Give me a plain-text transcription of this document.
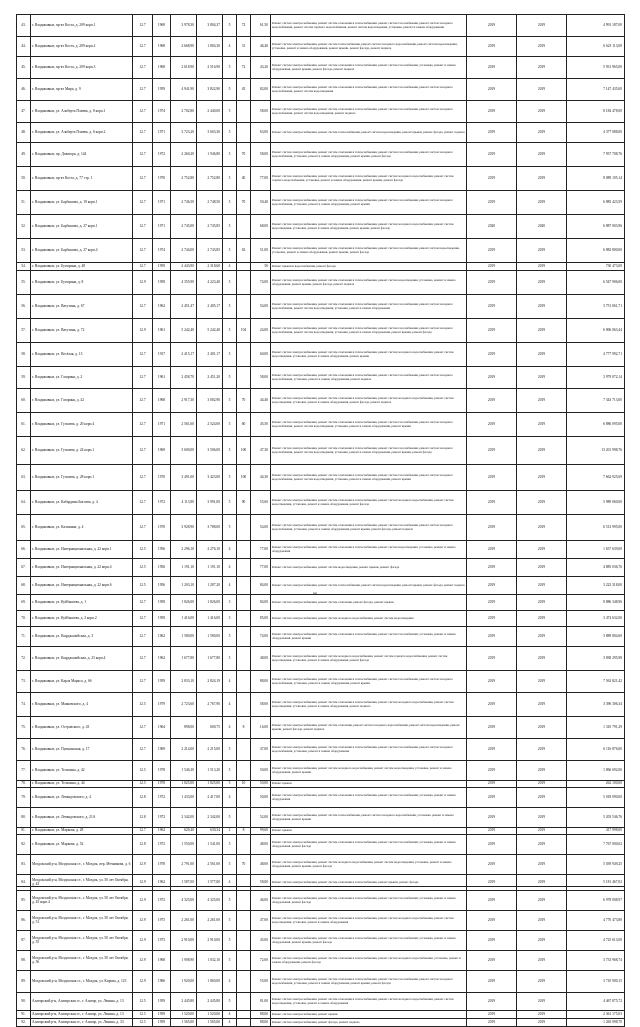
43.	г. Владикавказ, пр-кт Коста, д. 209 корп.1	12.7	1969	3 978,30	3 804,37	5	72	61,50	Ремонт систем электроснабжения, ремонт систем отопления и теплоснабжения, ремонт систем газоснабжения, ремонт систем холодного водоснабжения, ремонт систем горячего водоснабжения, ремонт систем водоотведения, установка, ремонт и замена оборудования	2019	2019	4 991 187,00
44.	г. Владикавказ, пр-кт Коста, д. 209 корп.2	12.7	1968	2 668,90	1 804,30	4	31	46,40	Ремонт систем электроснабжения, ремонт систем теплоснабжения, ремонт систем холодного водоснабжения, ремонт систем водоотведения, установка, ремонт и замена оборудования, ремонт крыши, ремонт фасада, ремонт подвала	2019	2019	6 623 113,00
45.	г. Владикавказ, пр-кт Коста, д. 209 корп.3	12.7	1968	2 618,90	2 516,90	5	72	43,20	Ремонт систем электроснабжения, ремонт систем отопления и теплоснабжения, ремонт систем газоснабжения, установка, ремонт и замена оборудования, ремонт крыши, ремонт фасада, ремонт подвала	2019	2019	5 931 965,00
46.	г. Владикавказ, пр-кт Мира, д. 9	12.7	1959	4 941,90	3 822,90	5	45	82,00	Ремонт систем электроснабжения, ремонт систем отопления и теплоснабжения, ремонт систем газоснабжения, ремонт систем холодного водоснабжения, ремонт систем водоотведения	2019	2019	7 147 435,00
47.	г. Владикавказ, ул. Альберта Плиева, д. 8 корп.1	12.7	1974	2 702,80	2 440,00	5		58,00	Ремонт систем электроснабжения, ремонт систем отопления и теплоснабжения, ремонт систем газоснабжения, ремонт систем холодного водоснабжения, ремонт систем водоотведения, ремонт подвала	2019	2019	8 184 478,00
48.	г. Владикавказ, ул. Альберта Плиева, д. 6 корп.2	12.7	1971	3 723,20	3 603,30	5		63,00	Ремонт систем электроснабжения, ремонт систем теплоснабжения, ремонт систем водоотведения, ремонт крыши, ремонт фасада, ремонт подвала	2019	2019	4 377 088,00
49.	г. Владикавказ, пр. Доватора, д. 144	12.7	1972	2 260,20	1 946,80	5	70	58,00	Ремонт систем электроснабжения, ремонт систем отопления и теплоснабжения, ремонт систем газоснабжения, ремонт систем холодного водоснабжения, установка, ремонт и замена оборудования, ремонт крыши, ремонт фасада	2019	2019	7 937 708,76
50.	г. Владикавказ, пр-кт Коста, д. 77 стр. 1	12.7	1970	2 752,80	2 752,80	5	40	77,00	Ремонт систем электроснабжения, ремонт систем отопления и теплоснабжения, ремонт систем холодного водоснабжения, ремонт систем горячего водоснабжения, установка, ремонт и замена оборудования, ремонт крыши, ремонт фасада	2019	2019	8 089 105,14
51.	г. Владикавказ, ул. Барбашова, д. 19 корп.1	12.7	1971	2 746,50	2 748,50	5	70	50,40	Ремонт систем электроснабжения, ремонт систем отопления и теплоснабжения, ремонт систем газоснабжения, ремонт систем холодного водоснабжения, установка, ремонт и замена оборудования, ремонт крыши	2019	2019	6 885 423,59
52.	г. Владикавказ, ул. Барбашова, д. 27 корп.1	12.7	1971	2 745,00	2 745,85	5		68,00	Ремонт систем электроснабжения, ремонт систем отопления и теплоснабжения, ремонт систем холодного водоснабжения, ремонт систем водоотведения, установка, ремонт и замена оборудования, ремонт крыши, ремонт фасада	2020	2020	6 887 003,96
53.	г. Владикавказ, ул. Барбашова, д. 27 корп.4	12.7	1974	2 744,00	2 743,85	5	63	51,00	Ремонт систем электроснабжения, ремонт систем отопления и теплоснабжения, ремонт систем газоснабжения, ремонт систем водоотведения, установка, ремонт и замена оборудования, ремонт крыши, ремонт фасада	2019	2019	6 882 800,00
54.	г. Владикавказ, ул. Бутырина, д. 48	12.7	1959	2 443,90	2 318,60	4		56	Ремонт крыши и водоснабжения, ремонт фасада	2019	2019	730 473,00
55.	г. Владикавказ, ул. Бутырина, д. 8	12.9	1958	4 355,90	4 223,40	5		74,00	Ремонт систем электроснабжения, ремонт систем отопления и теплоснабжения, ремонт систем водоотведения, установка, ремонт и замена оборудования, ремонт крыши, ремонт фасада, ремонт подвала	2019	2019	6 547 906,00
56.	г. Владикавказ, ул. Ватутина, д. 67	12.7	1962	2 451,47	2 405,17	5		54,00	Ремонт систем электроснабжения, ремонт систем отопления и теплоснабжения, ремонт систем газоснабжения, ремонт систем холодного водоснабжения, ремонт систем водоотведения, установка, ремонт и замена оборудования	2019	2019	3 751 061,71
57.	г. Владикавказ, ул. Ватутина, д. 72	12.9	1961	5 242,40	5 242,40	5	104	24,00	Ремонт систем электроснабжения, ремонт систем отопления и теплоснабжения, ремонт систем газоснабжения, ремонт систем холодного водоснабжения, ремонт систем водоотведения, установка, ремонт и замена оборудования, ремонт крыши, ремонт фасада	2019	2019	6 006 063,44
58.	г. Владикавказ, ул. Весёлая, д. 13	12.7	1917	2 415,17	2 401,17	5		60,00	Ремонт систем электроснабжения, ремонт систем отопления и теплоснабжения, ремонт систем холодного водоснабжения, ремонт систем водоотведения, установка, ремонт и замена оборудования, ремонт крыши	2019	2019	4 777 992,71
59.	г. Владикавказ, ул. Гагарина, д. 2	12.7	1961	2 458,70	2 451,20	5		58,00	Ремонт систем электроснабжения, ремонт систем отопления и теплоснабжения, ремонт систем газоснабжения, ремонт систем холодного водоснабжения, установка, ремонт и замена оборудования, ремонт подвала	2019	2019	3 979 072,14
60.	г. Владикавказ, ул. Гагарина, д. 42	12.7	1968	2 917,30	3 002,90	5	70	44,40	Ремонт систем электроснабжения, ремонт систем отопления и теплоснабжения, ремонт систем холодного водоснабжения, ремонт систем водоотведения, установка, ремонт и замена оборудования, ремонт фасада, ремонт подвала	2019	2019	7 343 713,00
61.	г. Владикавказ, ул. Гугкаева, д. 20 корп.4	12.7	1971	2 561,60	2 524,00	5	60	45,50	Ремонт систем электроснабжения, ремонт систем отопления и теплоснабжения, ремонт систем газоснабжения, ремонт систем холодного водоснабжения, ремонт систем водоотведения, установка, ремонт и замена оборудования, ремонт крыши	2019	2019	6 886 095,00
62.	г. Владикавказ, ул. Гугкаева, д. 24 корп.1	12.7	1969	3 600,00	3 506,00	5	100	47,30	Ремонт систем электроснабжения, ремонт систем отопления и теплоснабжения, ремонт систем газоснабжения, ремонт систем холодного водоснабжения, ремонт систем водоотведения, установка, ремонт и замена оборудования, ремонт крыши, ремонт фасада	2019	2019	13 201 998,76
63.	г. Владикавказ, ул. Гугкаева, д. 28 корп.1	12.7	1970	3 491,00	3 423,00	5	100	44,30	Ремонт систем электроснабжения, ремонт систем отопления и теплоснабжения, ремонт систем газоснабжения, ремонт систем холодного водоснабжения, ремонт систем водоотведения, установка, ремонт и замена оборудования, ремонт крыши	2019	2019	7 662 925,69
64.	г. Владикавказ, ул. Кабардина Бигоева, д. 4	12.7	1972	4 113,90	3 991,00	5	90	55,60	Ремонт систем электроснабжения, ремонт систем отопления и теплоснабжения, ремонт систем холодного водоснабжения, ремонт систем водоотведения, установка, ремонт и замена оборудования, ремонт фасада	2019	2019	5 989 060,00
65.	г. Владикавказ, ул. Калинина, д. 4	12.7	1970	3 928,90	3 788,00	5		54,00	Ремонт систем электроснабжения, ремонт систем отопления и теплоснабжения, ремонт систем газоснабжения, ремонт систем холодного водоснабжения, установка, ремонт и замена оборудования, ремонт крыши, ремонт фасада, ремонт подвала	2019	2019	6 513 995,00
66.	г. Владикавказ, ул. Интернациональная, д. 22 корп.1	12.5	1956	2 296,10	2 276,10	4		77,00	Ремонт систем электроснабжения, ремонт систем отопления и теплоснабжения, ремонт систем водоотведения, установка, ремонт и замена оборудования	2019	2019	1 637 639,00
67.	г. Владикавказ, ул. Интернациональная, д. 22 корп.4	12.5	1956	1 191,10	1 191,10	4		77,00	Ремонт систем электроснабжения, ремонт систем водоотведения, ремонт крыши, ремонт фасада	2019	2019	4 885 036,76
68.	г. Владикавказ, ул. Интернациональная, д. 22 корп.6	12.5	1956	1 203,10	1 287,20	4		84,00	Ремонт систем электроснабжения, ремонт систем теплоснабжения, ремонт систем водоотведения, ремонт крыши, ремонт фасада, ремонт подвала	2019	2019	3 223 318,00
69.	г. Владикавказ, ул. Куйбышева, д. 1	12.7	1958	1 826,00	1 826,00	3		84,00	Ремонт систем электроснабжения, ремонт систем отопления, ремонт фасада, ремонт крыши	2019	2019	8 886 348,96
70.	г. Владикавказ, ул. Куйбышева, д. 2 корп.2	12.7	1959	1 416,00	1 416,00	3		85,00	Ремонт систем электроснабжения, ремонт систем холодного водоснабжения, ремонт систем водоотведения	2019	2019	3 474 632,00
71.	г. Владикавказ, ул. Кырджалийская, д. 3	12.7	1962	1 580,00	1 580,00	5		74,00	Ремонт систем электроснабжения, ремонт систем отопления и теплоснабжения, ремонт систем газоснабжения, установка, ремонт и замена оборудования, ремонт крыши	2019	2019	3 889 804,60
72.	г. Владикавказ, ул. Кырджалийская, д. 23 корп.4	12.7	1962	1 677,80	1 677,80	5		48,00	Ремонт систем электроснабжения, ремонт систем холодного водоснабжения, ремонт систем горячего водоснабжения, ремонт систем водоотведения, установка, ремонт и замена оборудования, ремонт фасада	2019	2019	3 838 295,98
73.	г. Владикавказ, ул. Карла Маркса, д. 66	12.7	1959	2 833,10	2 824,19	4		88,00	Ремонт систем электроснабжения, ремонт систем отопления и теплоснабжения, ремонт систем газоснабжения, ремонт систем холодного водоснабжения, установка, ремонт и замена оборудования, ремонт крыши	2019	2019	7 563 821,42
74.	г. Владикавказ, ул. Маяковского, д. 4	12.5	1979	2 723,60	2 767,90	4		58,00	Ремонт систем электроснабжения, ремонт систем отопления и теплоснабжения, ремонт систем холодного водоснабжения, ремонт систем водоотведения, установка, ремонт и замена оборудования, ремонт подвала	2019	2019	3 396 306,34
75.	г. Владикавказ, ул. Островского, д. 43	12.7	1964	898,00	600,75	4	8	16,00	Ремонт систем электроснабжения, ремонт систем отопления, ремонт систем холодного водоснабжения, ремонт систем водоотведения, ремонт крыши, ремонт фасада, ремонт подвала	2019	2019	1 310 791,29
76.	г. Владикавказ, ул. Пушкинская, д. 17	12.7	1969	2 214,00	2 215,00	5		47,00	Ремонт систем электроснабжения, ремонт систем отопления и теплоснабжения, ремонт систем газоснабжения, ремонт систем холодного водоснабжения, установка, ремонт и замена оборудования	2019	2019	6 116 876,00
77.	г. Владикавказ, ул. Тельмана, д. 42	12.5	1978	1 546,30	1 513,20	5		50,00	Ремонт систем электроснабжения, ремонт систем холодного водоснабжения, ремонт систем водоотведения, установка, ремонт и замена оборудования, ремонт крыши	2019	2019	1 866 692,00
78.	г. Владикавказ, ул. Тельмана, д. 44	12.5	1978	1 825,00	1 825,00	5	10	50,00	Ремонт крыши	2019	2019	262 100,00
79.	г. Владикавказ, ул. Левандовского, д. 4	12.8	1972	1 433,00	2 417,00	4		50,00	Ремонт систем электроснабжения, ремонт систем отопления и теплоснабжения, ремонт систем газоснабжения, установка, ремонт и замена оборудования	2019	2019	5 018 090,00
80.	г. Владикавказ, ул. Левандовского, д. 21А	12.8	1972	2 342,00	2 342,00	5		52,00	Ремонт систем электроснабжения, ремонт систем теплоснабжения, ремонт систем холодного водоснабжения, установка, ремонт и замена оборудования, ремонт крыши	2019	2019	5 203 546,76
81.	г. Владикавказ, ул. Маркова, д. 28	12.7	1962	620,40	630,34	2	8	99,60	Ремонт крыши	2019	2019	417 998,00
82.	г. Владикавказ, ул. Маркова, д. 52	12.8	1972	1 550,00	1 541,00	5		48,00	Ремонт систем электроснабжения, ремонт систем отопления и теплоснабжения, ремонт систем газоснабжения, установка, ремонт и замена оборудования, ремонт фасада	2019	2019	7 767 000,02
83.	Моздокский р-н, Моздокская ст., г. Моздок, пер. Мечникова, д. 6	12.9	1978	2 791,00	2 561,00	5	70	48,00	Ремонт систем электроснабжения, ремонт систем холодного водоснабжения, ремонт систем водоотведения, установка, ремонт и замена оборудования, ремонт крыши, ремонт фасада	2019	2019	5 039 949,25
84.	Моздокский р-н, Моздокская ст., г. Моздок, ул. 50 лет Октября, д. 43	12.9	1962	1 587,00	1 577,00	4		58,00	Ремонт систем электроснабжения, ремонт систем отопления и теплоснабжения, ремонт крыши, ремонт фасада	2019	2019	5 181 467,02
85.	Моздокский р-н, Моздокская ст., г. Моздок, ул. 50 лет Октября, д. 45 корп.4	12.9	1972	4 325,00	4 325,00	5		46,00	Ремонт систем электроснабжения, ремонт систем отопления и теплоснабжения, ремонт систем газоснабжения, установка, ремонт и замена оборудования, ремонт фасада	2019	2019	6 978 008,97
86.	Моздокский р-н, Моздокская ст., г. Моздок, ул. 50 лет Октября, д. 51	12.9	1975	2 261,00	2 261,00	5		47,00	Ремонт систем электроснабжения, ремонт систем отопления и теплоснабжения, ремонт систем холодного водоснабжения, ремонт систем водоотведения, установка, ремонт и замена оборудования	2019	2019	4 770 473,80
87.	Моздокский р-н, Моздокская ст., г. Моздок, ул. 50 лет Октября, д. 55	12.9	1973	2 910,00	2 910,00	5		45,00	Ремонт систем электроснабжения, ремонт систем отопления и теплоснабжения, ремонт систем газоснабжения, установка, ремонт и замена оборудования, ремонт крыши, ремонт фасада	2019	2019	4 725 613,00
88.	Моздокский р-н, Моздокская ст., г. Моздок, ул. 50 лет Октября, д. 56	12.9	1968	1 908,90	1 032,10	5		72,00	Ремонт систем электроснабжения, ремонт систем отопления и теплоснабжения, ремонт систем холодного водоснабжения, установка, ремонт и замена оборудования, ремонт фасада	2019	2019	3 733 968,74
89.	Моздокский р-н, Моздокская ст., г. Моздок, ул. Кирова, д. 123	12.9	1966	1 920,00	1 860,00	4		55,00	Ремонт систем электроснабжения, ремонт систем отопления и теплоснабжения, ремонт систем газоснабжения, ремонт систем холодного водоснабжения, установка, ремонт и замена оборудования, ремонт крыши, ремонт фасада	2019	2019	3 710 900,15
90.	Алагирский р-н, Алагирская ст., г. Алагир, ул. Ленина, д. 13	12.5	1959	2 445,80	2 445,80	5		81,00	Ремонт систем электроснабжения, ремонт систем отопления и теплоснабжения, ремонт систем холодного водоснабжения, ремонт систем водоотведения, установка, ремонт и замена оборудования	2019	2019	4 467 875,72
91.	Алагирский р-н, Алагирская ст., г. Алагир, ул. Ленина, д. 13	12.5	1959	1 520,00	1 520,00	4		88,00	Ремонт систем электроснабжения, ремонт крыши	2019	2019	2 361 175,03
92.	Алагирский р-н, Алагирская ст., г. Алагир, ул. Ленина, д. 33	12.5	1959	1 565,00	1 565,00	4		88,00	Ремонт систем электроснабжения, ремонт фасада, ремонт подвала	2019	2019	1 265 098,70
(н)
